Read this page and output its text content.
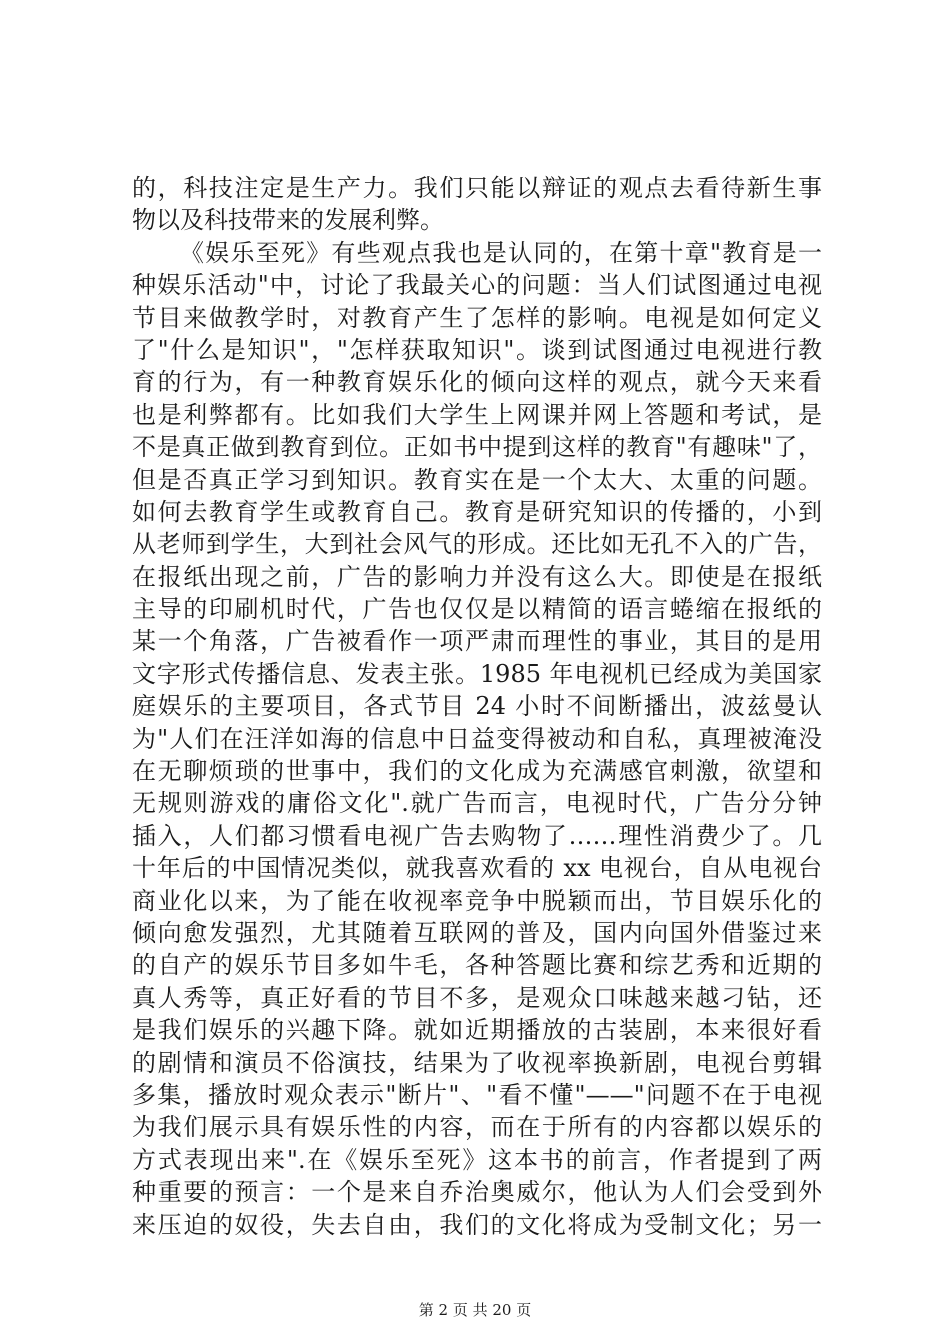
的，科技注定是生产力。我们只能以辩证的观点去看待新生事
物以及科技带来的发展利弊。
《娱乐至死》有些观点我也是认同的，在第十章"教育是一
种娱乐活动"中，讨论了我最关心的问题：当人们试图通过电视
节目来做教学时，对教育产生了怎样的影响。电视是如何定义
了"什么是知识"，"怎样获取知识"。谈到试图通过电视进行教
育的行为，有一种教育娱乐化的倾向这样的观点，就今天来看
也是利弊都有。比如我们大学生上网课并网上答题和考试，是
不是真正做到教育到位。正如书中提到这样的教育"有趣味"了，
但是否真正学习到知识。教育实在是一个太大、太重的问题。
如何去教育学生或教育自己。教育是研究知识的传播的，小到
从老师到学生，大到社会风气的形成。还比如无孔不入的广告，
在报纸出现之前，广告的影响力并没有这么大。即使是在报纸
主导的印刷机时代，广告也仅仅是以精简的语言蜷缩在报纸的
某一个角落，广告被看作一项严肃而理性的事业，其目的是用
文字形式传播信息、发表主张。1985 年电视机已经成为美国家
庭娱乐的主要项目，各式节目 24 小时不间断播出，波兹曼认
为"人们在汪洋如海的信息中日益变得被动和自私，真理被淹没
在无聊烦琐的世事中，我们的文化成为充满感官刺激，欲望和
无规则游戏的庸俗文化".就广告而言，电视时代，广告分分钟
插入，人们都习惯看电视广告去购物了……理性消费少了。几
十年后的中国情况类似，就我喜欢看的 xx 电视台，自从电视台
商业化以来，为了能在收视率竞争中脱颖而出，节目娱乐化的
倾向愈发强烈，尤其随着互联网的普及，国内向国外借鉴过来
的自产的娱乐节目多如牛毛，各种答题比赛和综艺秀和近期的
真人秀等，真正好看的节目不多，是观众口味越来越刁钻，还
是我们娱乐的兴趣下降。就如近期播放的古装剧，本来很好看
的剧情和演员不俗演技，结果为了收视率换新剧，电视台剪辑
多集，播放时观众表示"断片"、"看不懂"——"问题不在于电视
为我们展示具有娱乐性的内容，而在于所有的内容都以娱乐的
方式表现出来".在《娱乐至死》这本书的前言，作者提到了两
种重要的预言：一个是来自乔治奥威尔，他认为人们会受到外
来压迫的奴役，失去自由，我们的文化将成为受制文化；另一
第 2 页 共 20 页
